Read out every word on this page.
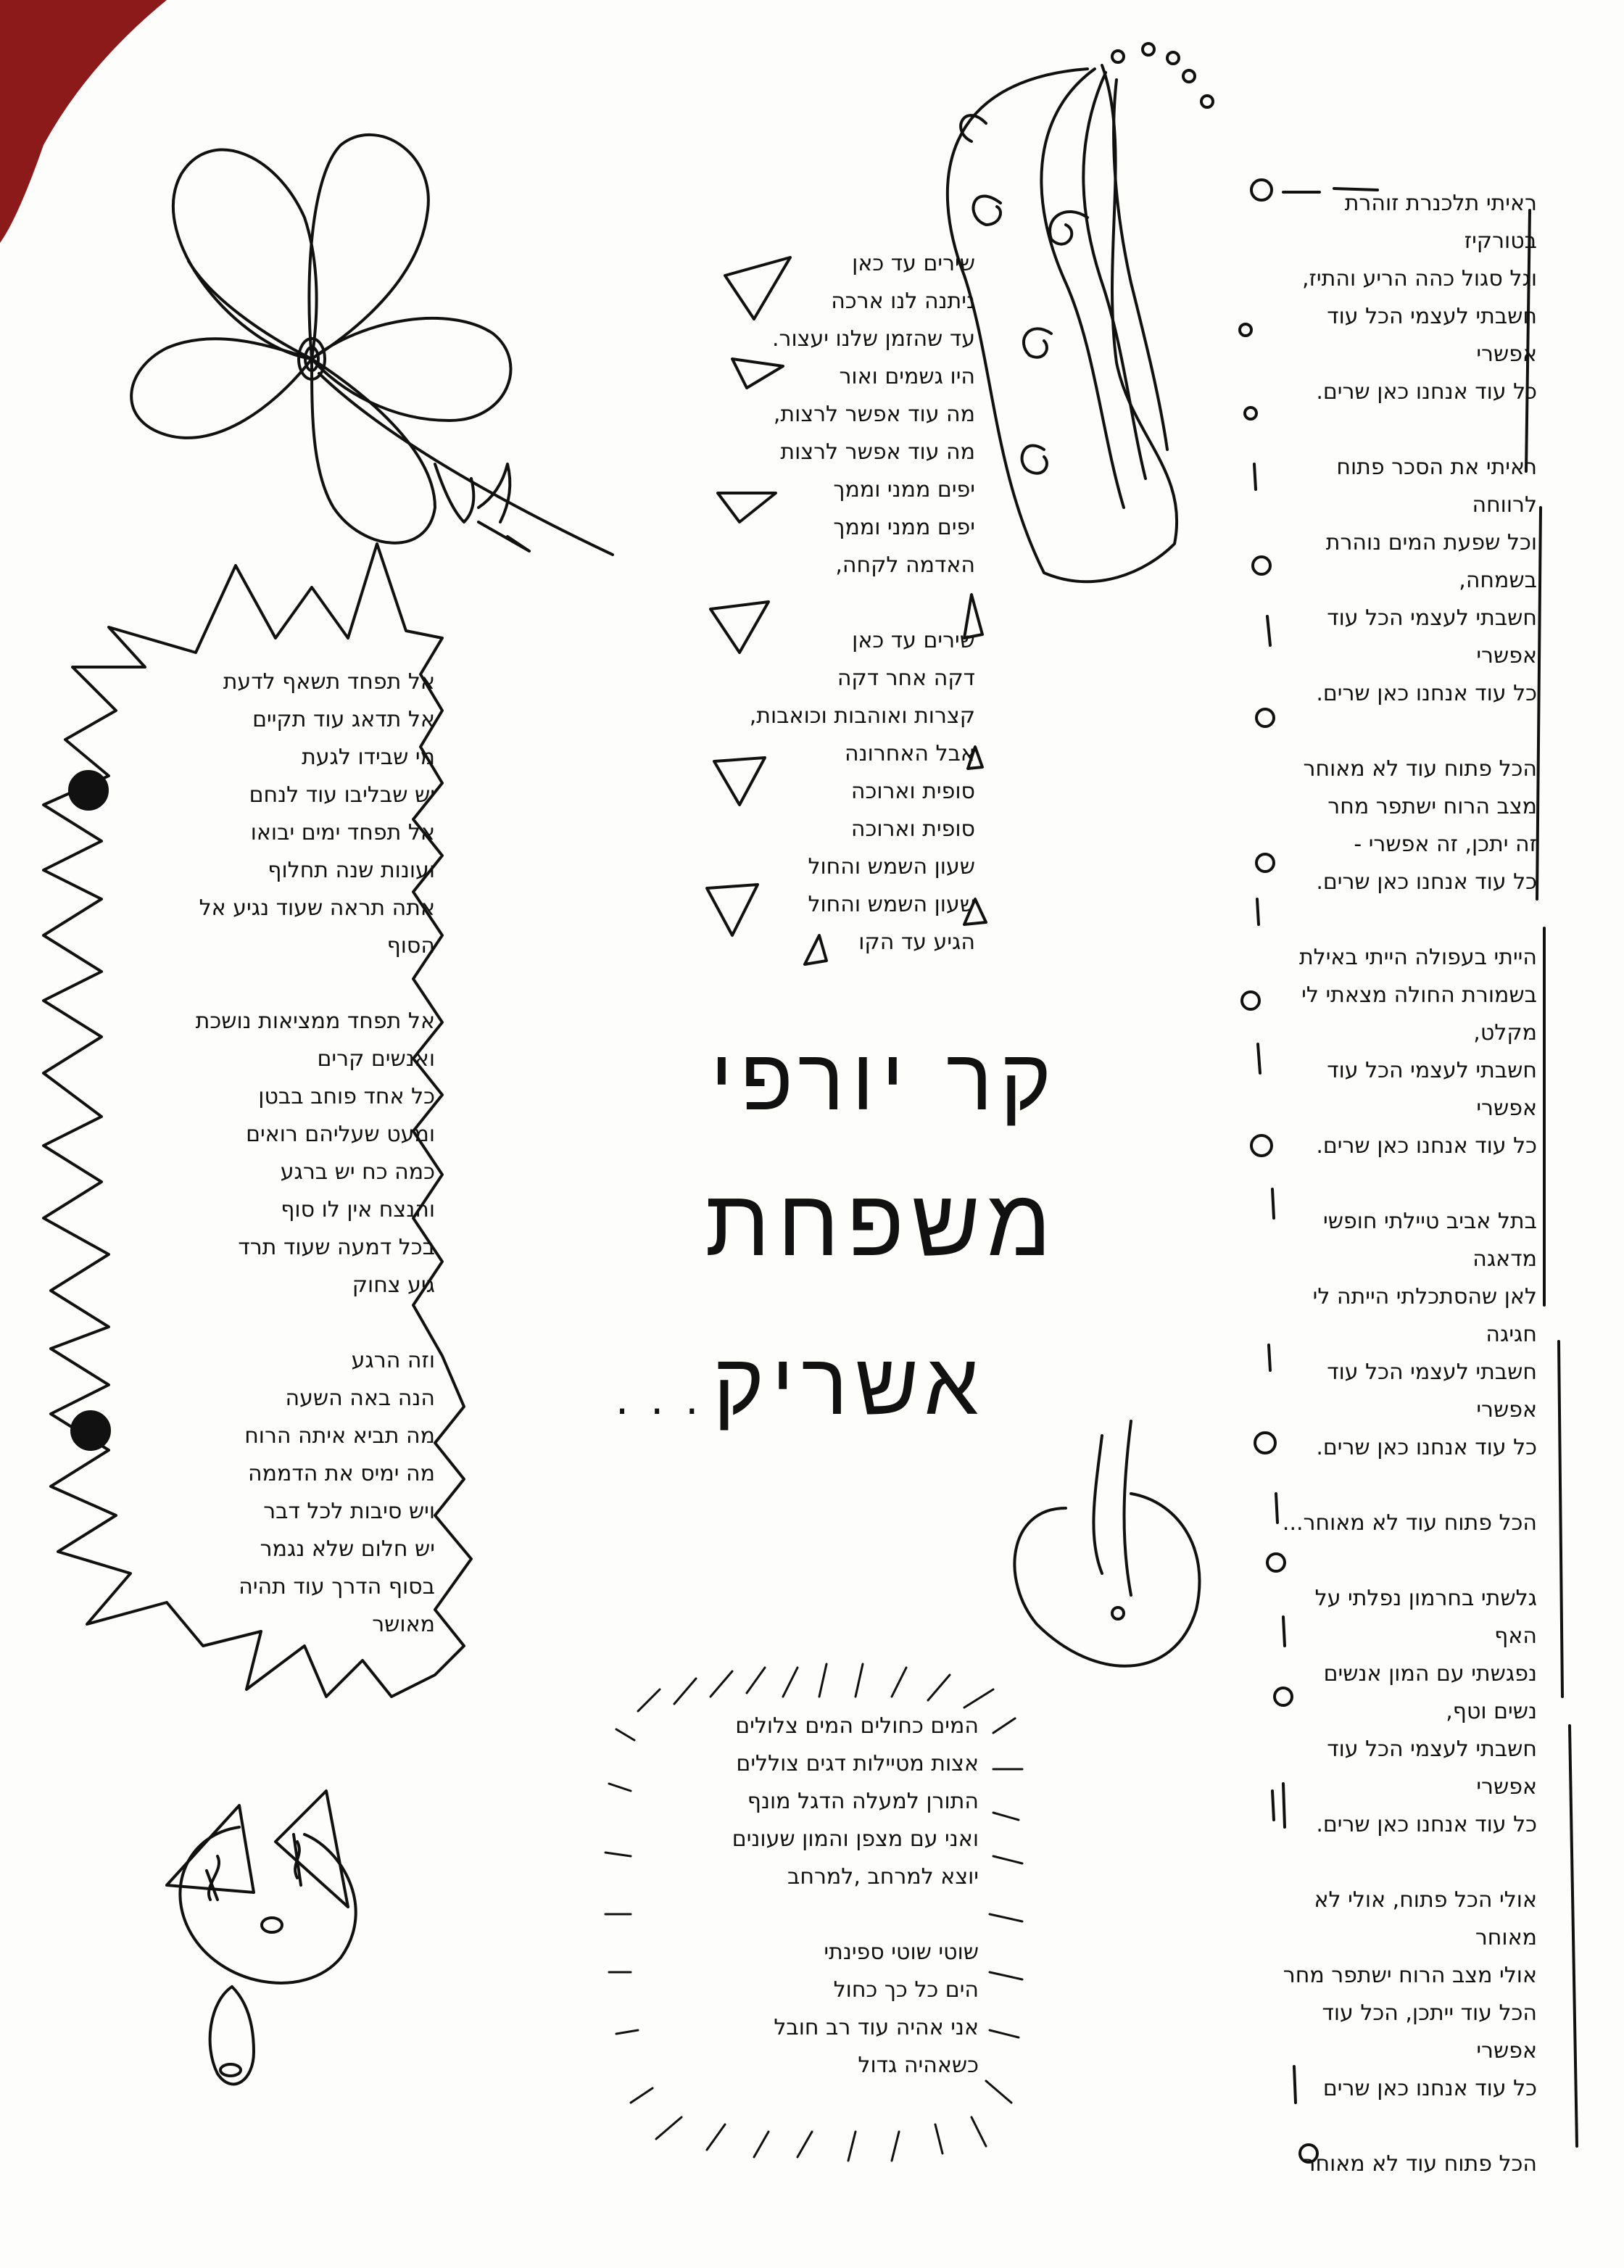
ראיתי תלכנרת זוהרת
בטורקיז
וגל סגול כהה הריע והתיז,
חשבתי לעצמי הכל עוד
אפשרי
כל עוד אנחנו כאן שרים.
ראיתי את הסכר פתוח
לרווחה
וכל שפעת המים נוהרת
בשמחה,
חשבתי לעצמי הכל עוד
אפשרי
כל עוד אנחנו כאן שרים.
הכל פתוח עוד לא מאוחר
מצב הרוח ישתפר מחר
זה יתכן, זה אפשרי -
כל עוד אנחנו כאן שרים.
הייתי בעפולה הייתי באילת
בשמורת החולה מצאתי לי
מקלט,
חשבתי לעצמי הכל עוד
אפשרי
כל עוד אנחנו כאן שרים.
בתל אביב טיילתי חופשי
מדאגה
לאן שהסתכלתי הייתה לי
חגיגה
חשבתי לעצמי הכל עוד
אפשרי
כל עוד אנחנו כאן שרים.
הכל פתוח עוד לא מאוחר...
גלשתי בחרמון נפלתי על
האף
נפגשתי עם המון אנשים
נשים וטף,
חשבתי לעצמי הכל עוד
אפשרי
כל עוד אנחנו כאן שרים.
אולי הכל פתוח, אולי לא
מאוחר
אולי מצב הרוח ישתפר מחר
הכל עוד ייתכן, הכל עוד
אפשרי
כל עוד אנחנו כאן שרים
הכל פתוח עוד לא מאוחר
שירים עד כאן
ניתנה לנו ארכה
עד שהזמן שלנו יעצור.
היו גשמים ואור
מה עוד אפשר לרצות,
מה עוד אפשר לרצות
יפים ממני וממך
יפים ממני וממך
האדמה לקחה,
שירים עד כאן
דקה אחר דקה
קצרות ואוהבות וכואבות,
אבל האחרונה
סופית וארוכה
סופית וארוכה
שעון השמש והחול
שעון השמש והחול
הגיע עד הקו
אל תפחד תשאף לדעת
אל תדאג עוד תקיים
מי שבידו לגעת
יש שבליבו עוד לנחם
אל תפחד ימים יבואו
ועונות שנה תחלוף
אתה תראה שעוד נגיע אל
הסוף
אל תפחד ממציאות נושכת
ואנשים קרים
כל אחד פוחב בבטן
ומעט שעליהם רואים
כמה כח יש ברגע
והנצח אין לו סוף
בכל דמעה שעוד תרד
גיע צחוק
וזה הרגע
הנה באה השעה
מה תביא איתה הרוח
מה ימיס את הדממה
ויש סיבות לכל דבר
יש חלום שלא נגמר
בסוף הדרך עוד תהיה
מאושר
המים כחולים המים צלולים
אצות מטיילות דגים צוללים
התורן למעלה הדגל מונף
ואני עם מצפן והמון שעונים
יוצא למרחב ,למרחב
שוטי שוטי ספינתי
הים כל כך כחול
אני אהיה עוד רב חובל
כשאהיה גדול
קר יורפי
משפחת
אשריק...
